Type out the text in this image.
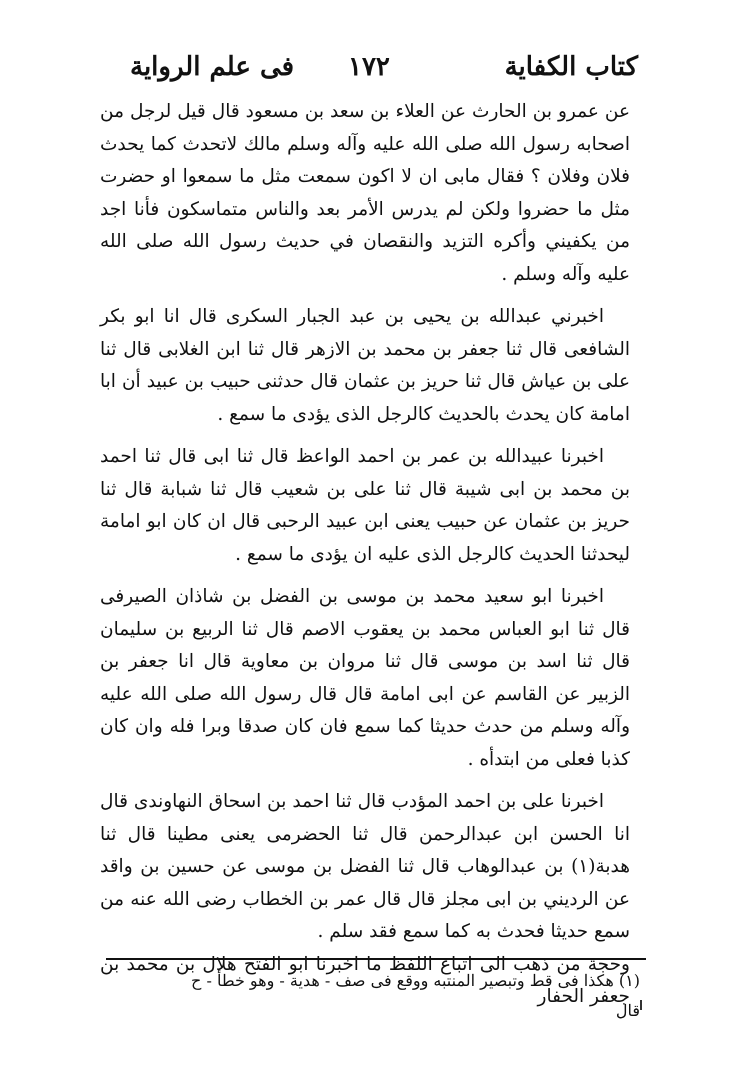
فى علم الرواية ١٧٢	كتاب الكفاية

عن عمرو بن الحارث عن العلاء بن سعد بن مسعود قال قيل لرجل من اصحابه رسول الله صلى الله عليه وآله وسلم مالك لاتحدث كما يحدث فلان وفلان ؟ فقال مابى ان لا اكون سمعت مثل ما سمعوا او حضرت مثل ما حضروا ولكن لم يدرس الأمر بعد والناس متماسكون فأنا اجد من يكفيني وأكره التزيد والنقصان في حديث رسول الله صلى الله عليه وآله وسلم .

اخبرني عبدالله بن يحيى بن عبد الجبار السكرى قال انا ابو بكر الشافعى قال ثنا جعفر بن محمد بن الازهر قال ثنا ابن الغلابى قال ثنا على بن عياش قال ثنا حريز بن عثمان قال حدثنى حبيب بن عبيد أن ابا امامة كان يحدث بالحديث كالرجل الذى يؤدى ما سمع .

اخبرنا عبيدالله بن عمر بن احمد الواعظ قال ثنا ابى قال ثنا احمد بن محمد بن ابى شيبة قال ثنا على بن شعيب قال ثنا شبابة قال ثنا حريز بن عثمان عن حبيب يعنى ابن عبيد الرحبى قال ان كان ابو امامة ليحدثنا الحديث كالرجل الذى عليه ان يؤدى ما سمع .

اخبرنا ابو سعيد محمد بن موسى بن الفضل بن شاذان الصيرفى قال ثنا ابو العباس محمد بن يعقوب الاصم قال ثنا الربيع بن سليمان قال ثنا اسد بن موسى قال ثنا مروان بن معاوية قال انا جعفر بن الزبير عن القاسم عن ابى امامة قال قال رسول الله صلى الله عليه وآله وسلم من حدث حديثا كما سمع فان كان صدقا وبرا فله وان كان كذبا فعلى من ابتدأه .

اخبرنا على بن احمد المؤدب قال ثنا احمد بن اسحاق النهاوندى قال انا الحسن ابن عبدالرحمن قال ثنا الحضرمى يعنى مطينا قال ثنا هدبة(١) بن عبدالوهاب قال ثنا الفضل بن موسى عن حسين بن واقد عن الرديني بن ابى مجلز قال قال عمر بن الخطاب رضى الله عنه من سمع حديثا فحدث به كما سمع فقد سلم .

وحجة من ذهب الى اتباع اللفظ ما اخبرنا ابو الفتح هلال بن محمد بن جعفر الحفار

(١) هكذا فى قط وتبصير المنتبه ووقع فى صف - هدية - وهو خطأ - ح

قال
